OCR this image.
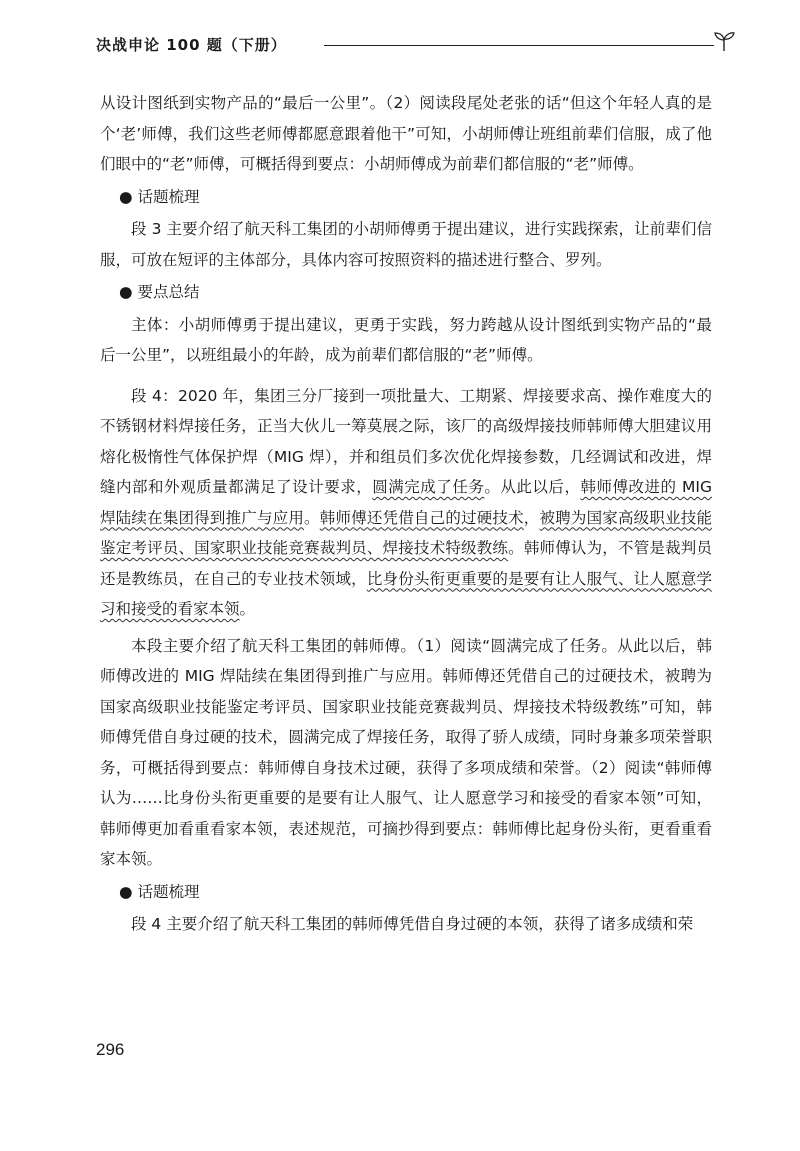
决战申论 100 题（下册）

从设计图纸到实物产品的“最后一公里”。（2）阅读段尾处老张的话“但这个年轻人真的是个‘老’师傅，我们这些老师傅都愿意跟着他干”可知，小胡师傅让班组前辈们信服，成了他们眼中的“老”师傅，可概括得到要点：小胡师傅成为前辈们都信服的“老”师傅。

● 话题梳理

段 3 主要介绍了航天科工集团的小胡师傅勇于提出建议，进行实践探索，让前辈们信服，可放在短评的主体部分，具体内容可按照资料的描述进行整合、罗列。

● 要点总结

主体：小胡师傅勇于提出建议，更勇于实践，努力跨越从设计图纸到实物产品的“最后一公里”，以班组最小的年龄，成为前辈们都信服的“老”师傅。

段 4：2020 年，集团三分厂接到一项批量大、工期紧、焊接要求高、操作难度大的不锈钢材料焊接任务，正当大伙儿一筹莫展之际，该厂的高级焊接技师韩师傅大胆建议用熔化极惰性气体保护焊（MIG 焊），并和组员们多次优化焊接参数，几经调试和改进，焊缝内部和外观质量都满足了设计要求，圆满完成了任务。从此以后，韩师傅改进的 MIG 焊陆续在集团得到推广与应用。韩师傅还凭借自己的过硬技术，被聘为国家高级职业技能鉴定考评员、国家职业技能竞赛裁判员、焊接技术特级教练。韩师傅认为，不管是裁判员还是教练员，在自己的专业技术领域，比身份头衔更重要的是要有让人服气、让人愿意学习和接受的看家本领。

本段主要介绍了航天科工集团的韩师傅。（1）阅读“圆满完成了任务。从此以后，韩师傅改进的 MIG 焊陆续在集团得到推广与应用。韩师傅还凭借自己的过硬技术，被聘为国家高级职业技能鉴定考评员、国家职业技能竞赛裁判员、焊接技术特级教练”可知，韩师傅凭借自身过硬的技术，圆满完成了焊接任务，取得了骄人成绩，同时身兼多项荣誉职务，可概括得到要点：韩师傅自身技术过硬，获得了多项成绩和荣誉。（2）阅读“韩师傅认为……比身份头衔更重要的是要有让人服气、让人愿意学习和接受的看家本领”可知，韩师傅更加看重看家本领，表述规范，可摘抄得到要点：韩师傅比起身份头衔，更看重看家本领。

● 话题梳理

段 4 主要介绍了航天科工集团的韩师傅凭借自身过硬的本领，获得了诸多成绩和荣

296
